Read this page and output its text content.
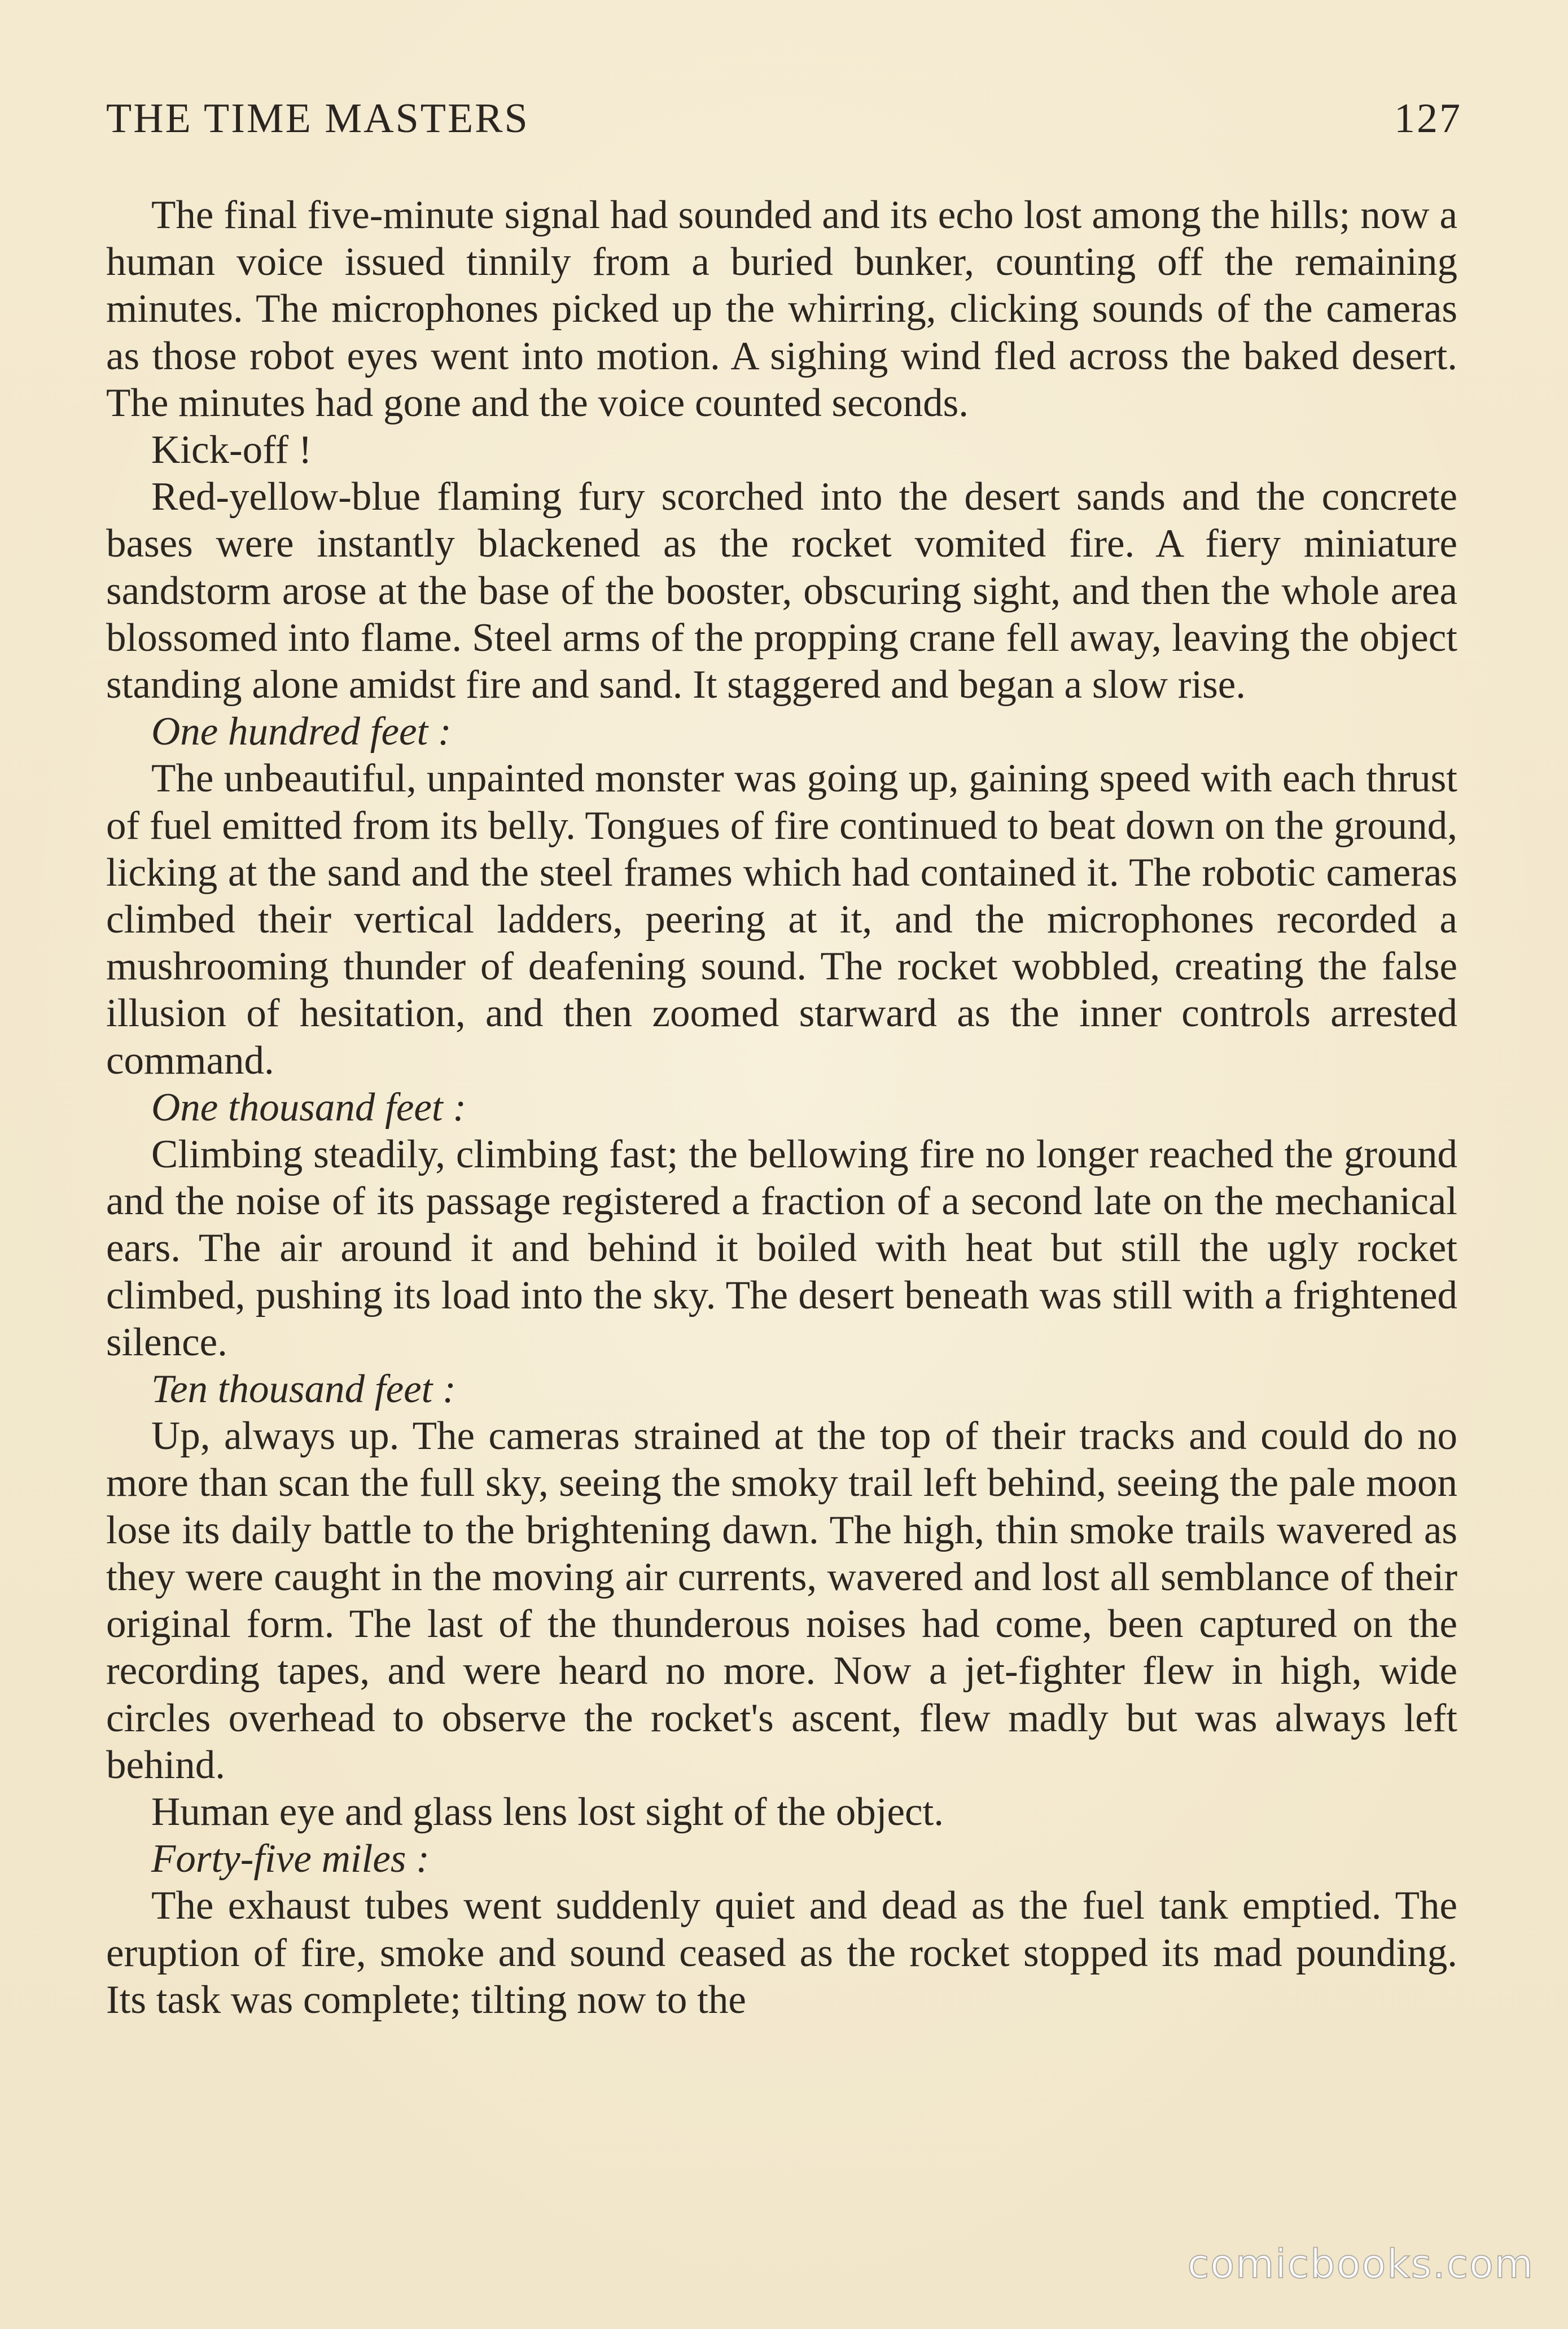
THE TIME MASTERS	127

The final five-minute signal had sounded and its echo lost among the hills; now a human voice issued tinnily from a buried bunker, counting off the remaining minutes. The microphones picked up the whirring, clicking sounds of the cameras as those robot eyes went into motion. A sighing wind fled across the baked desert. The minutes had gone and the voice counted seconds.

Kick-off !

Red-yellow-blue flaming fury scorched into the desert sands and the concrete bases were instantly blackened as the rocket vomited fire. A fiery miniature sandstorm arose at the base of the booster, obscuring sight, and then the whole area blossomed into flame. Steel arms of the propping crane fell away, leaving the object standing alone amidst fire and sand. It staggered and began a slow rise.

One hundred feet :

The unbeautiful, unpainted monster was going up, gaining speed with each thrust of fuel emitted from its belly. Tongues of fire continued to beat down on the ground, licking at the sand and the steel frames which had contained it. The robotic cameras climbed their vertical ladders, peering at it, and the microphones recorded a mushrooming thunder of deafening sound. The rocket wobbled, creating the false illusion of hesitation, and then zoomed starward as the inner controls arrested command.

One thousand feet :

Climbing steadily, climbing fast; the bellowing fire no longer reached the ground and the noise of its passage registered a fraction of a second late on the mechanical ears. The air around it and behind it boiled with heat but still the ugly rocket climbed, pushing its load into the sky. The desert beneath was still with a frightened silence.

Ten thousand feet :

Up, always up. The cameras strained at the top of their tracks and could do no more than scan the full sky, seeing the smoky trail left behind, seeing the pale moon lose its daily battle to the brightening dawn. The high, thin smoke trails wavered as they were caught in the moving air currents, wavered and lost all semblance of their original form. The last of the thunderous noises had come, been captured on the recording tapes, and were heard no more. Now a jet-fighter flew in high, wide circles overhead to observe the rocket's ascent, flew madly but was always left behind.

Human eye and glass lens lost sight of the object.

Forty-five miles :

The exhaust tubes went suddenly quiet and dead as the fuel tank emptied. The eruption of fire, smoke and sound ceased as the rocket stopped its mad pounding. Its task was complete; tilting now to the

comicbooks.com
